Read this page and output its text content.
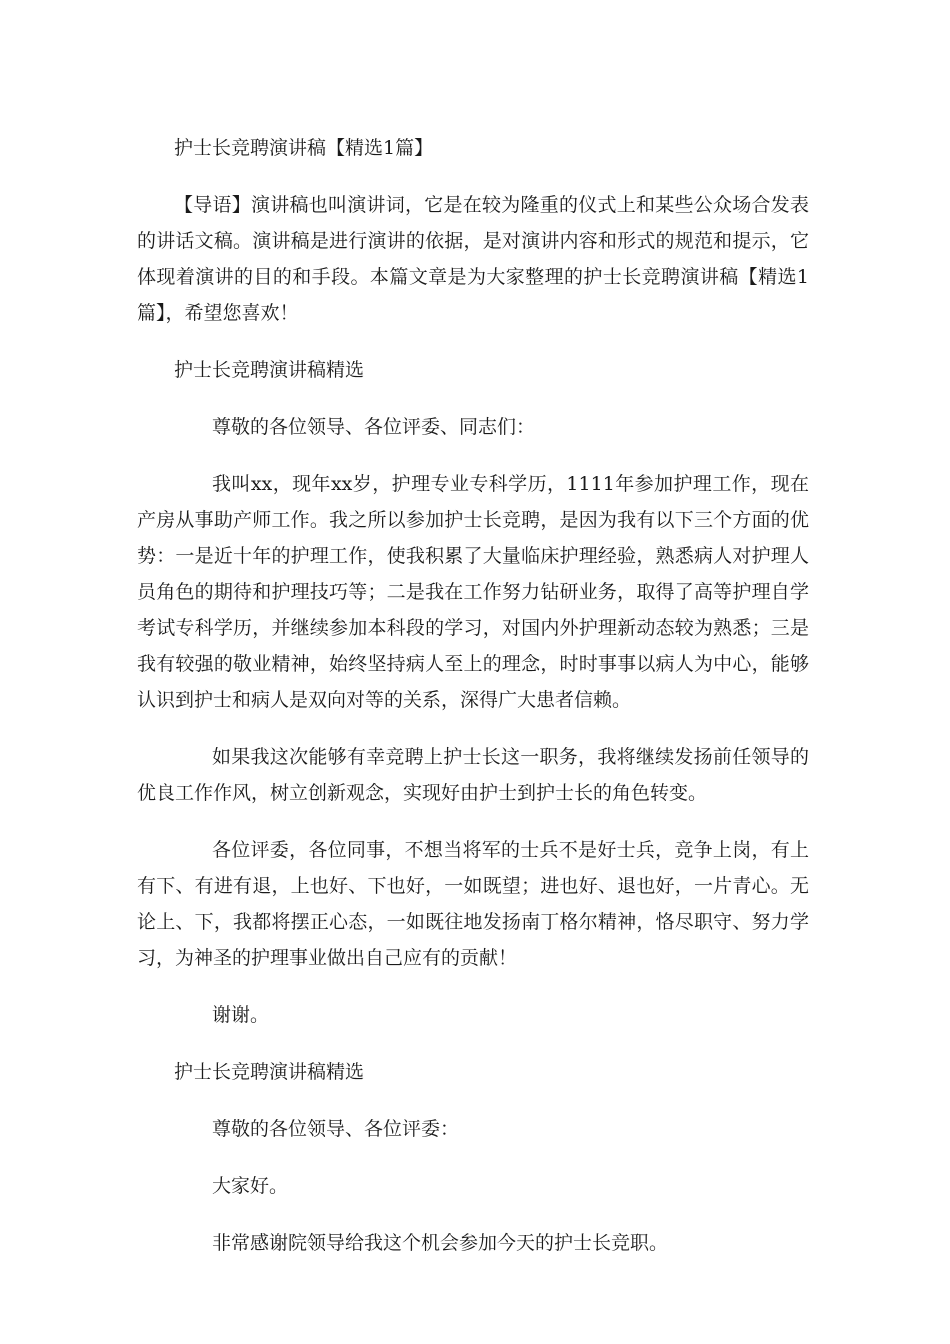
护士长竞聘演讲稿【精选1篇】

【导语】演讲稿也叫演讲词，它是在较为隆重的仪式上和某些公众场合发表的讲话文稿。演讲稿是进行演讲的依据，是对演讲内容和形式的规范和提示，它体现着演讲的目的和手段。本篇文章是为大家整理的护士长竞聘演讲稿【精选1篇】，希望您喜欢！

护士长竞聘演讲稿精选

尊敬的各位领导、各位评委、同志们：

我叫xx，现年xx岁，护理专业专科学历，1111年参加护理工作，现在产房从事助产师工作。我之所以参加护士长竞聘，是因为我有以下三个方面的优势：一是近十年的护理工作，使我积累了大量临床护理经验，熟悉病人对护理人员角色的期待和护理技巧等；二是我在工作努力钻研业务，取得了高等护理自学考试专科学历，并继续参加本科段的学习，对国内外护理新动态较为熟悉；三是我有较强的敬业精神，始终坚持病人至上的理念，时时事事以病人为中心，能够认识到护士和病人是双向对等的关系，深得广大患者信赖。

如果我这次能够有幸竞聘上护士长这一职务，我将继续发扬前任领导的优良工作作风，树立创新观念，实现好由护士到护士长的角色转变。

各位评委，各位同事，不想当将军的士兵不是好士兵，竞争上岗，有上有下、有进有退，上也好、下也好，一如既望；进也好、退也好，一片青心。无论上、下，我都将摆正心态，一如既往地发扬南丁格尔精神，恪尽职守、努力学习，为神圣的护理事业做出自己应有的贡献！

谢谢。

护士长竞聘演讲稿精选

尊敬的各位领导、各位评委：

大家好。

非常感谢院领导给我这个机会参加今天的护士长竞职。
